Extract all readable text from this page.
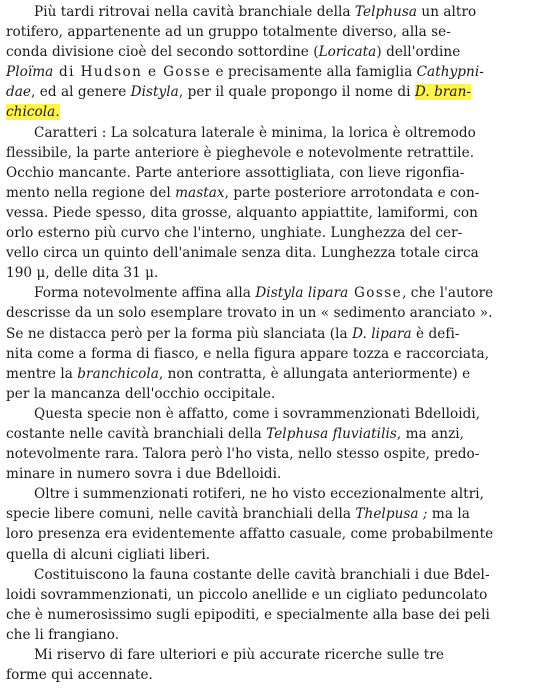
Più tardi ritrovai nella cavità branchiale della Telphusa un altro
rotifero, appartenente ad un gruppo totalmente diverso, alla se-
conda divisione cioè del secondo sottordine (Loricata) dell'ordine
Ploïma di Hudson e Gosse e precisamente alla famiglia Cathypni-
dae, ed al genere Distyla, per il quale propongo il nome di D. bran-
chicola.
Caratteri : La solcatura laterale è minima, la lorica è oltremodo
flessibile, la parte anteriore è pieghevole e notevolmente retrattile.
Occhio mancante. Parte anteriore assottigliata, con lieve rigonfia-
mento nella regione del mastax, parte posteriore arrotondata e con-
vessa. Piede spesso, dita grosse, alquanto appiattite, lamiformi, con
orlo esterno più curvo che l'interno, unghiate. Lunghezza del cer-
vello circa un quinto dell'animale senza dita. Lunghezza totale circa
190 μ, delle dita 31 μ.
Forma notevolmente affina alla Distyla lipara Gosse, che l'autore
descrisse da un solo esemplare trovato in un « sedimento aranciato ».
Se ne distacca però per la forma più slanciata (la D. lipara è defi-
nita come a forma di fiasco, e nella figura appare tozza e raccorciata,
mentre la branchicola, non contratta, è allungata anteriormente) e
per la mancanza dell'occhio occipitale.
Questa specie non è affatto, come i sovrammenzionati Bdelloidi,
costante nelle cavità branchiali della Telphusa fluviatilis, ma anzi,
notevolmente rara. Talora però l'ho vista, nello stesso ospite, predo-
minare in numero sovra i due Bdelloidi.
Oltre i summenzionati rotiferi, ne ho visto eccezionalmente altri,
specie libere comuni, nelle cavità branchiali della Thelpusa ; ma la
loro presenza era evidentemente affatto casuale, come probabilmente
quella di alcuni cigliati liberi.
Costituiscono la fauna costante delle cavità branchiali i due Bdel-
loidi sovrammenzionati, un piccolo anellide e un cigliato peduncolato
che è numerosissimo sugli epipoditi, e specialmente alla base dei peli
che li frangiano.
Mi riservo di fare ulteriori e più accurate ricerche sulle tre
forme qui accennate.
